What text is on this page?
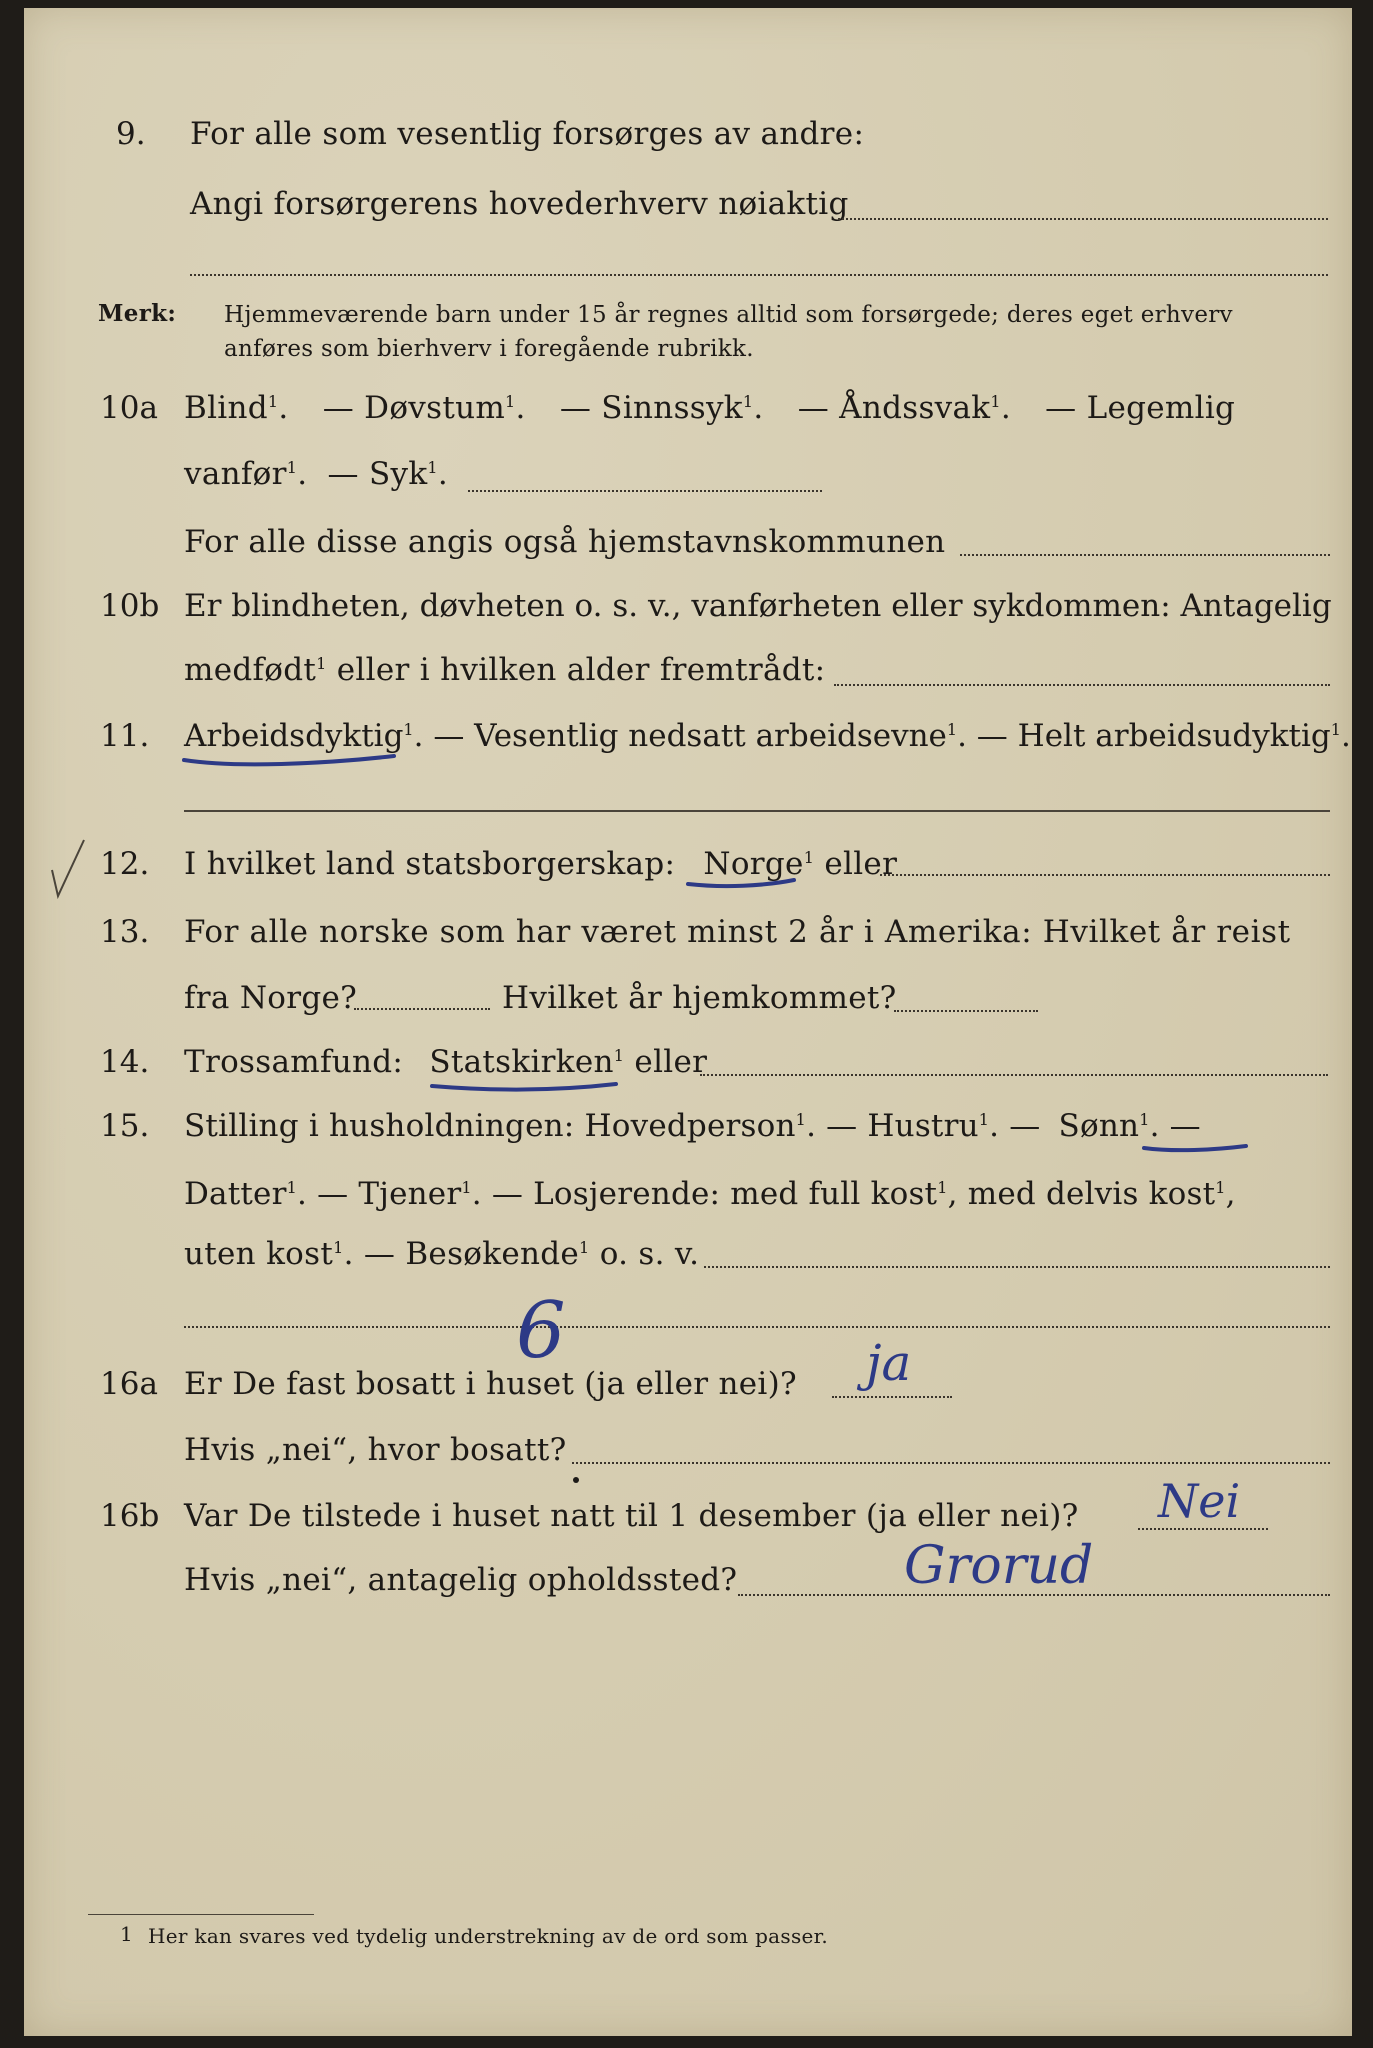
9. For alle som vesentlig forsørges av andre:
Angi forsørgerens hovederhverv nøiaktig
Merk: Hjemmeværende barn under 15 år regnes alltid som forsørgede; deres eget erhverv
anføres som bierhverv i foregående rubrikk.
10a Blind$^1$. — Døvstum$^1$. — Sinnssyk$^1$. — Åndssvak$^1$. — Legemlig
vanfør$^1$. — Syk$^1$.
For alle disse angis også hjemstavnskommunen
10b Er blindheten, døvheten o. s. v., vanførheten eller sykdommen: Antagelig
medfødt$^1$ eller i hvilken alder fremtrådt:
11. Arbeidsdyktig$^1$. — Vesentlig nedsatt arbeidsevne$^1$. — Helt arbeidsudyktig$^1$.
12. I hvilket land statsborgerskap: Norge$^1$ eller
13. For alle norske som har været minst 2 år i Amerika: Hvilket år reist
fra Norge?	Hvilket år hjemkommet?
14. Trossamfund: Statskirken$^1$ eller
15. Stilling i husholdningen: Hovedperson$^1$. — Hustru$^1$. — Sønn$^1$. —
Datter$^1$. — Tjener$^1$. — Losjerende: med full kost$^1$, med delvis kost$^1$,
uten kost$^1$. — Besøkende$^1$ o. s. v.
16a Er De fast bosatt i huset (ja eller nei)?
Hvis „nei“, hvor bosatt?
16b Var De tilstede i huset natt til 1 desember (ja eller nei)?
Hvis „nei“, antagelig opholdssted?
1 Her kan svares ved tydelig understrekning av de ord som passer.
ja
Nei
Grorud
6
